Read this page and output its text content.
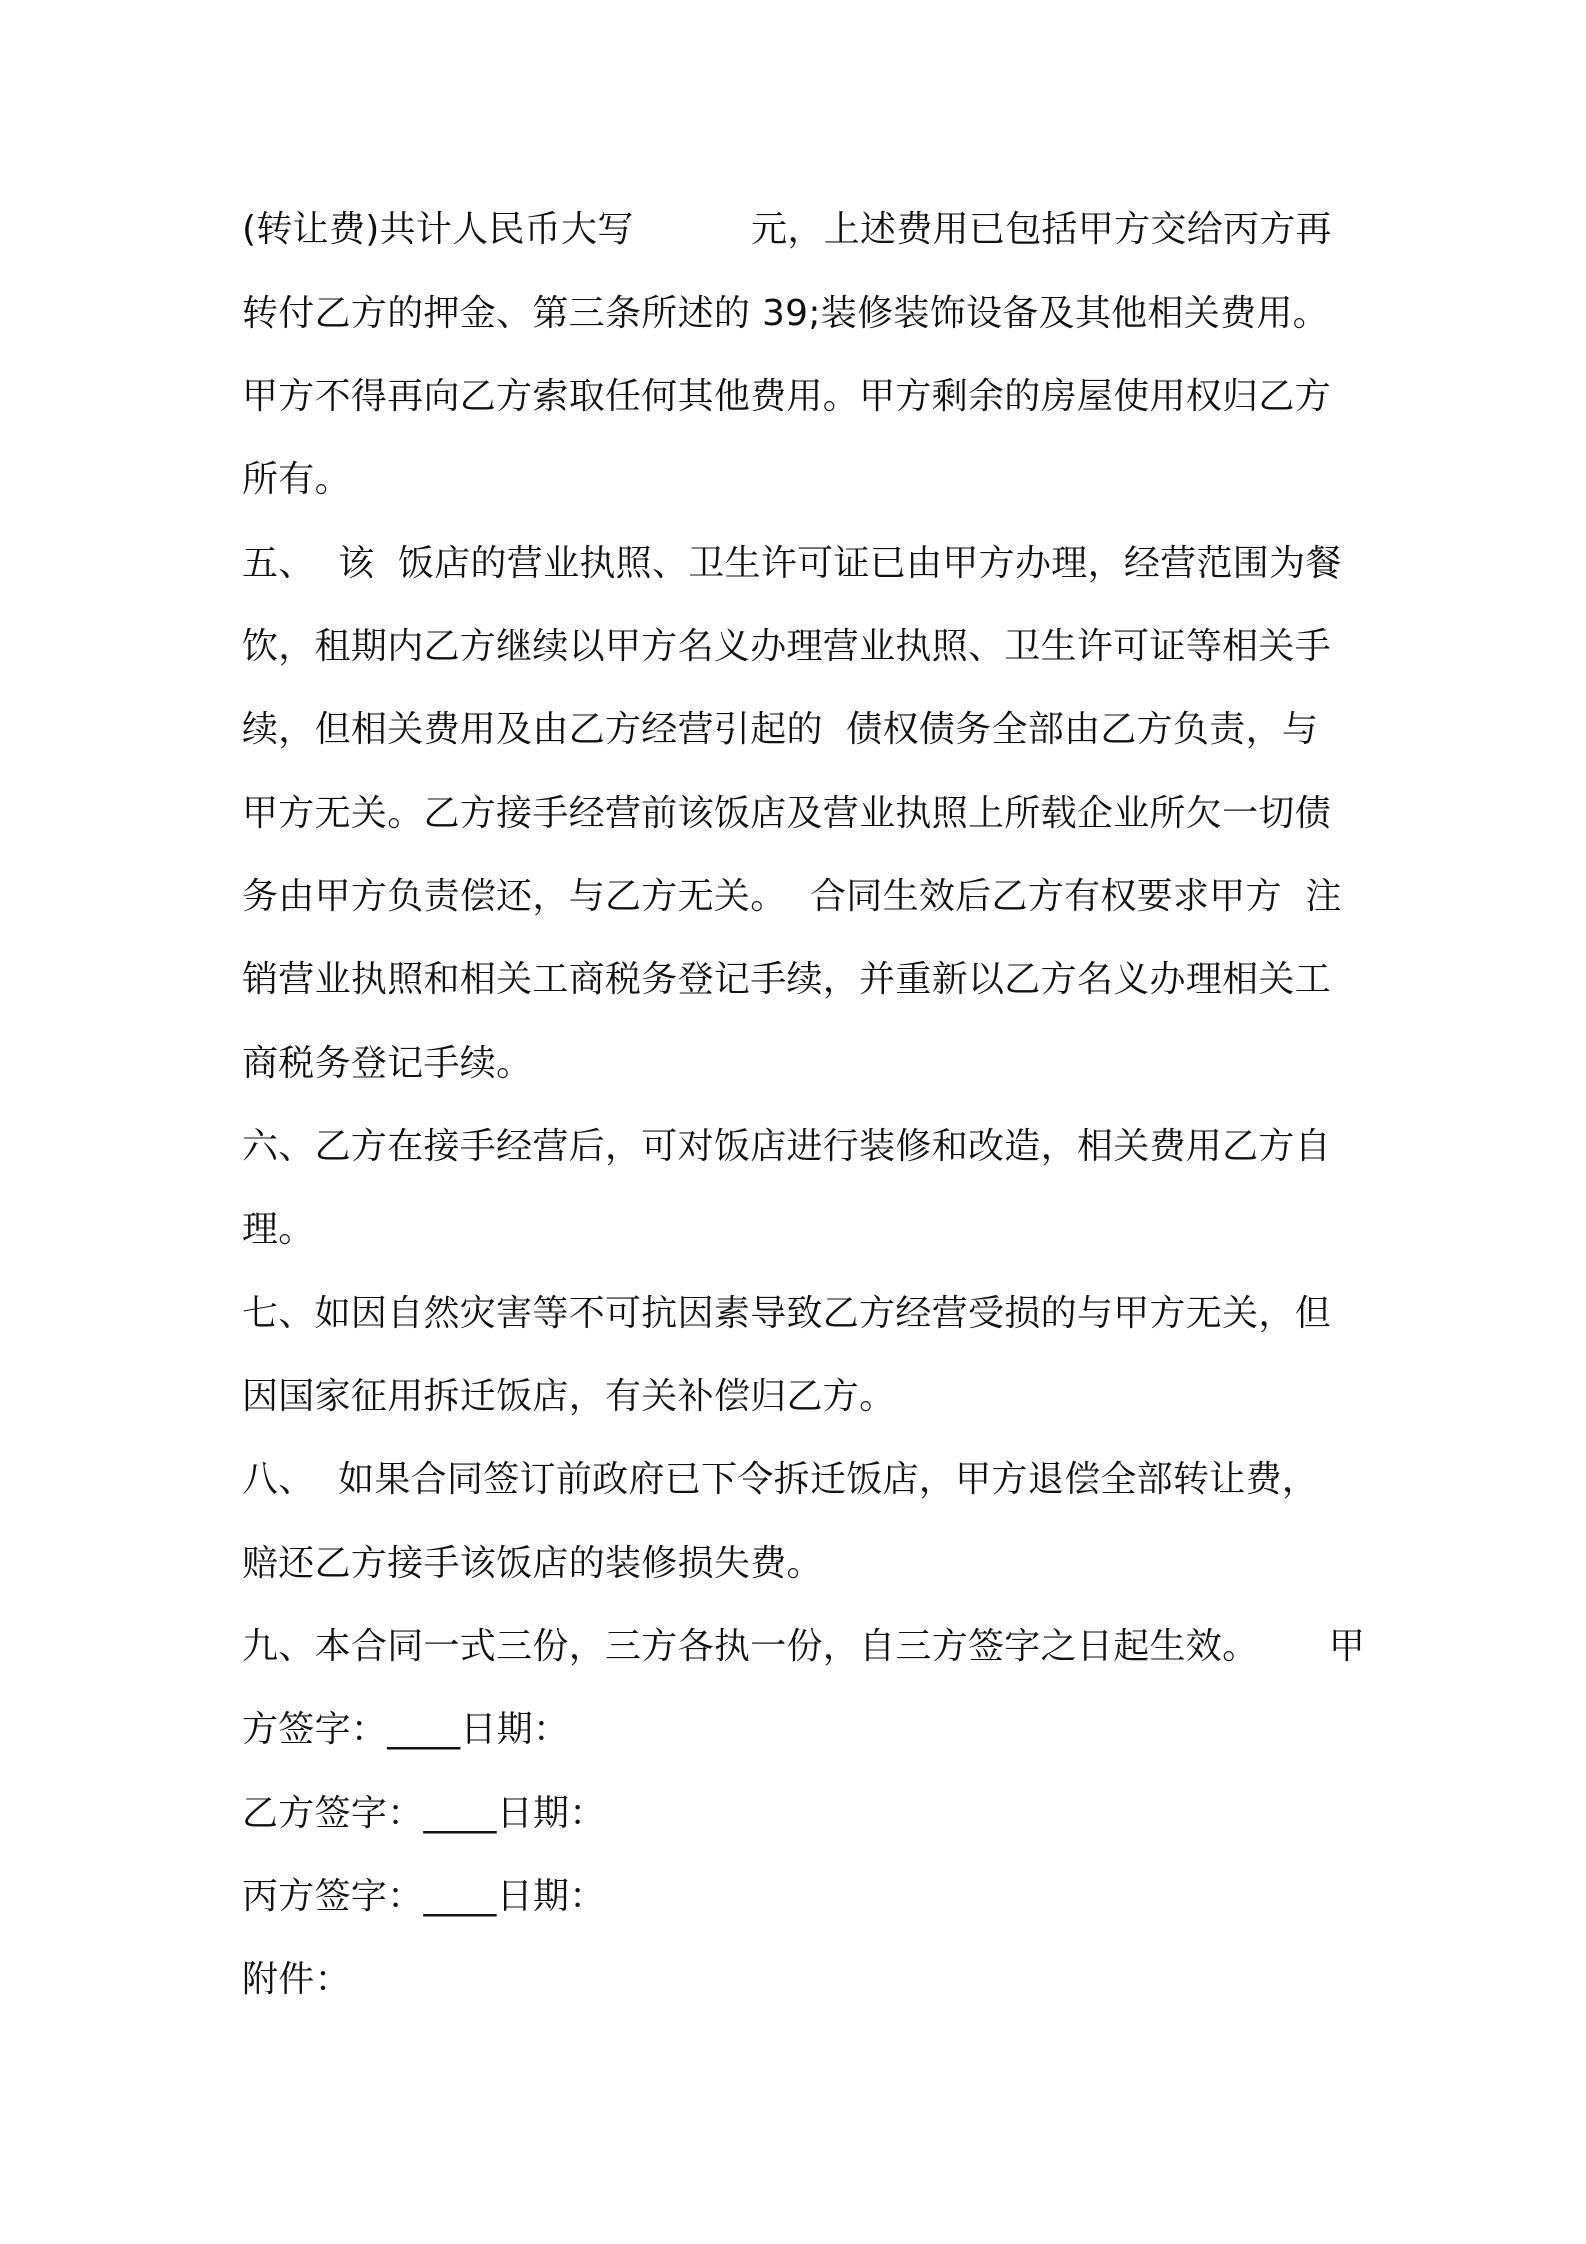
(转让费)共计人民币大写          元，上述费用已包括甲方交给丙方再
转付乙方的押金、第三条所述的 39;装修装饰设备及其他相关费用。
甲方不得再向乙方索取任何其他费用。甲方剩余的房屋使用权归乙方
所有。
五、  该  饭店的营业执照、卫生许可证已由甲方办理，经营范围为餐
饮，租期内乙方继续以甲方名义办理营业执照、卫生许可证等相关手
续，但相关费用及由乙方经营引起的  债权债务全部由乙方负责，与
甲方无关。乙方接手经营前该饭店及营业执照上所载企业所欠一切债
务由甲方负责偿还，与乙方无关。  合同生效后乙方有权要求甲方  注
销营业执照和相关工商税务登记手续，并重新以乙方名义办理相关工
商税务登记手续。
六、乙方在接手经营后，可对饭店进行装修和改造，相关费用乙方自
理。
七、如因自然灾害等不可抗因素导致乙方经营受损的与甲方无关，但
因国家征用拆迁饭店，有关补偿归乙方。
八、  如果合同签订前政府已下令拆迁饭店，甲方退偿全部转让费，
赔还乙方接手该饭店的装修损失费。
九、本合同一式三份，三方各执一份，自三方签字之日起生效。      甲
方签字：____日期：
乙方签字：____日期：
丙方签字：____日期：
附件：
